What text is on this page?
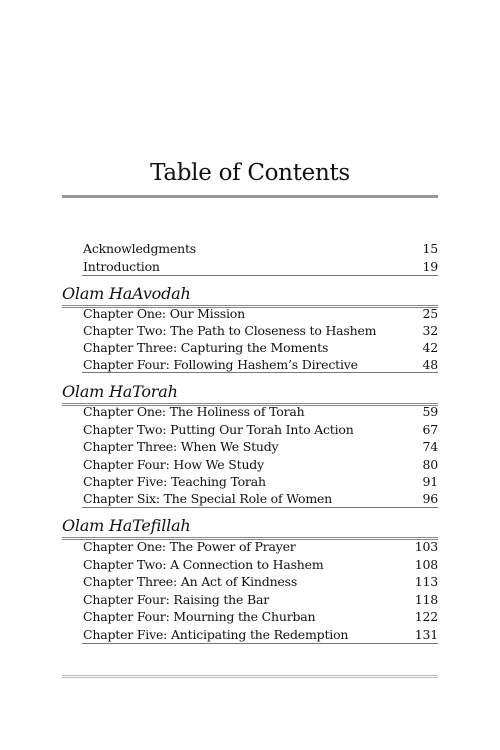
Table of Contents
Acknowledgments	15
Introduction	19
Olam HaAvodah
Chapter One: Our Mission	25
Chapter Two: The Path to Closeness to Hashem	32
Chapter Three: Capturing the Moments	42
Chapter Four: Following Hashem’s Directive	48
Olam HaTorah
Chapter One: The Holiness of Torah	59
Chapter Two: Putting Our Torah Into Action	67
Chapter Three: When We Study	74
Chapter Four: How We Study	80
Chapter Five: Teaching Torah	91
Chapter Six: The Special Role of Women	96
Olam HaTefillah
Chapter One: The Power of Prayer	103
Chapter Two: A Connection to Hashem	108
Chapter Three: An Act of Kindness	113
Chapter Four: Raising the Bar	118
Chapter Four: Mourning the Churban	122
Chapter Five: Anticipating the Redemption	131
